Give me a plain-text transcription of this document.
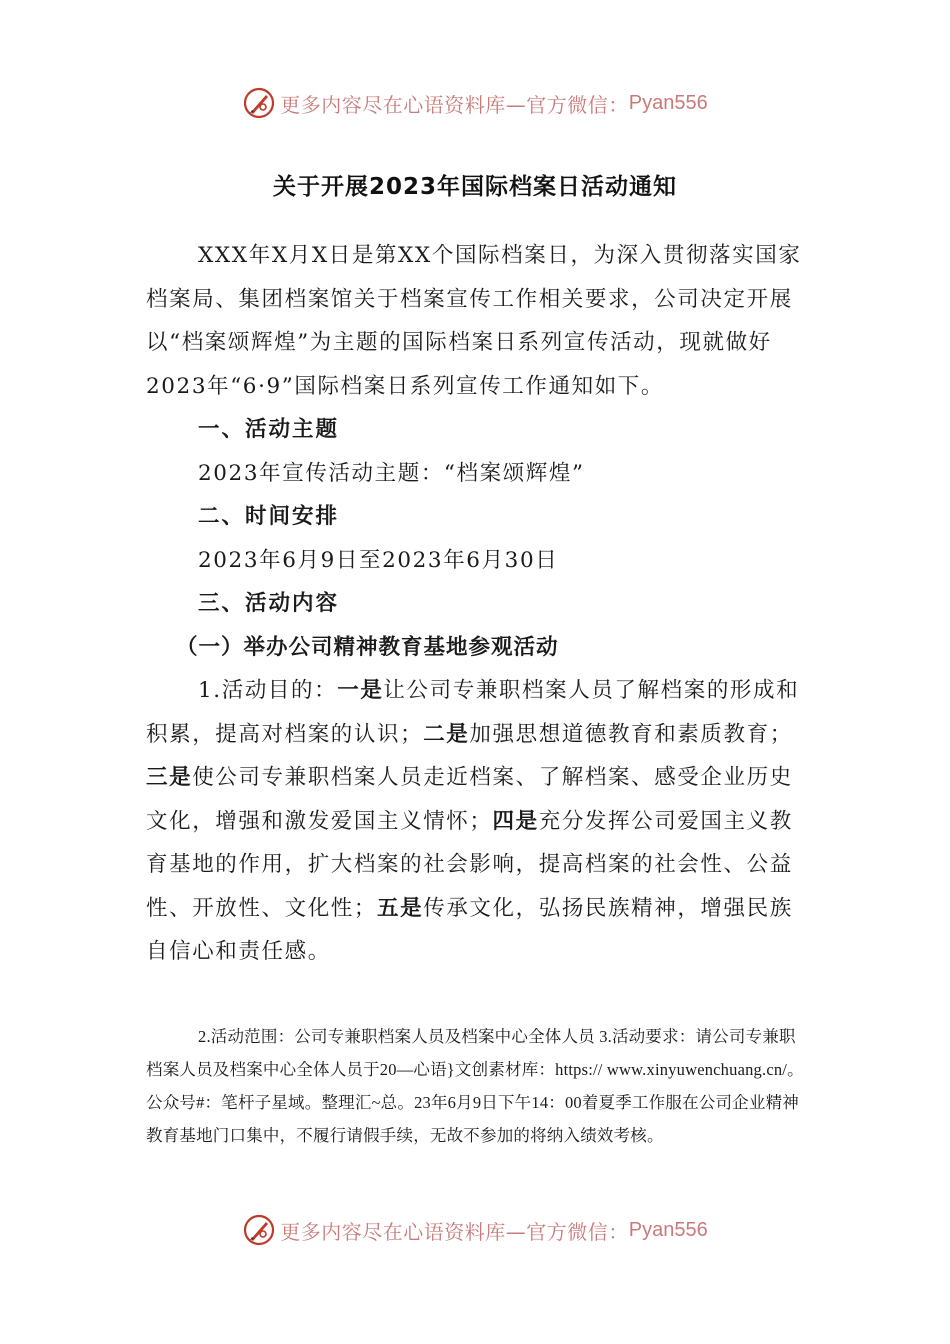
更多内容尽在心语资料库—官方微信： Pyan556
关于开展2023年国际档案日活动通知

XXX年X月X日是第XX个国际档案日，为深入贯彻落实国家档案局、集团档案馆关于档案宣传工作相关要求，公司决定开展以“档案颂辉煌”为主题的国际档案日系列宣传活动，现就做好2023年“6·9”国际档案日系列宣传工作通知如下。

一、活动主题

2023年宣传活动主题：“档案颂辉煌”

二、时间安排

2023年6月9日至2023年6月30日

三、活动内容

（一）举办公司精神教育基地参观活动

1.活动目的：一是让公司专兼职档案人员了解档案的形成和积累，提高对档案的认识；二是加强思想道德教育和素质教育；三是使公司专兼职档案人员走近档案、了解档案、感受企业历史文化，增强和激发爱国主义情怀；四是充分发挥公司爱国主义教育基地的作用，扩大档案的社会影响，提高档案的社会性、公益性、开放性、文化性；五是传承文化，弘扬民族精神，增强民族自信心和责任感。

2.活动范围：公司专兼职档案人员及档案中心全体人员 3.活动要求：请公司专兼职档案人员及档案中心全体人员于20—心语}文创素材库：https:// www.xinyuwenchuang.cn/。公众号#：笔杆子星域。整理汇~总。23年6月9日下午14：00着夏季工作服在公司企业精神教育基地门口集中，不履行请假手续，无故不参加的将纳入绩效考核。

更多内容尽在心语资料库—官方微信： Pyan556
